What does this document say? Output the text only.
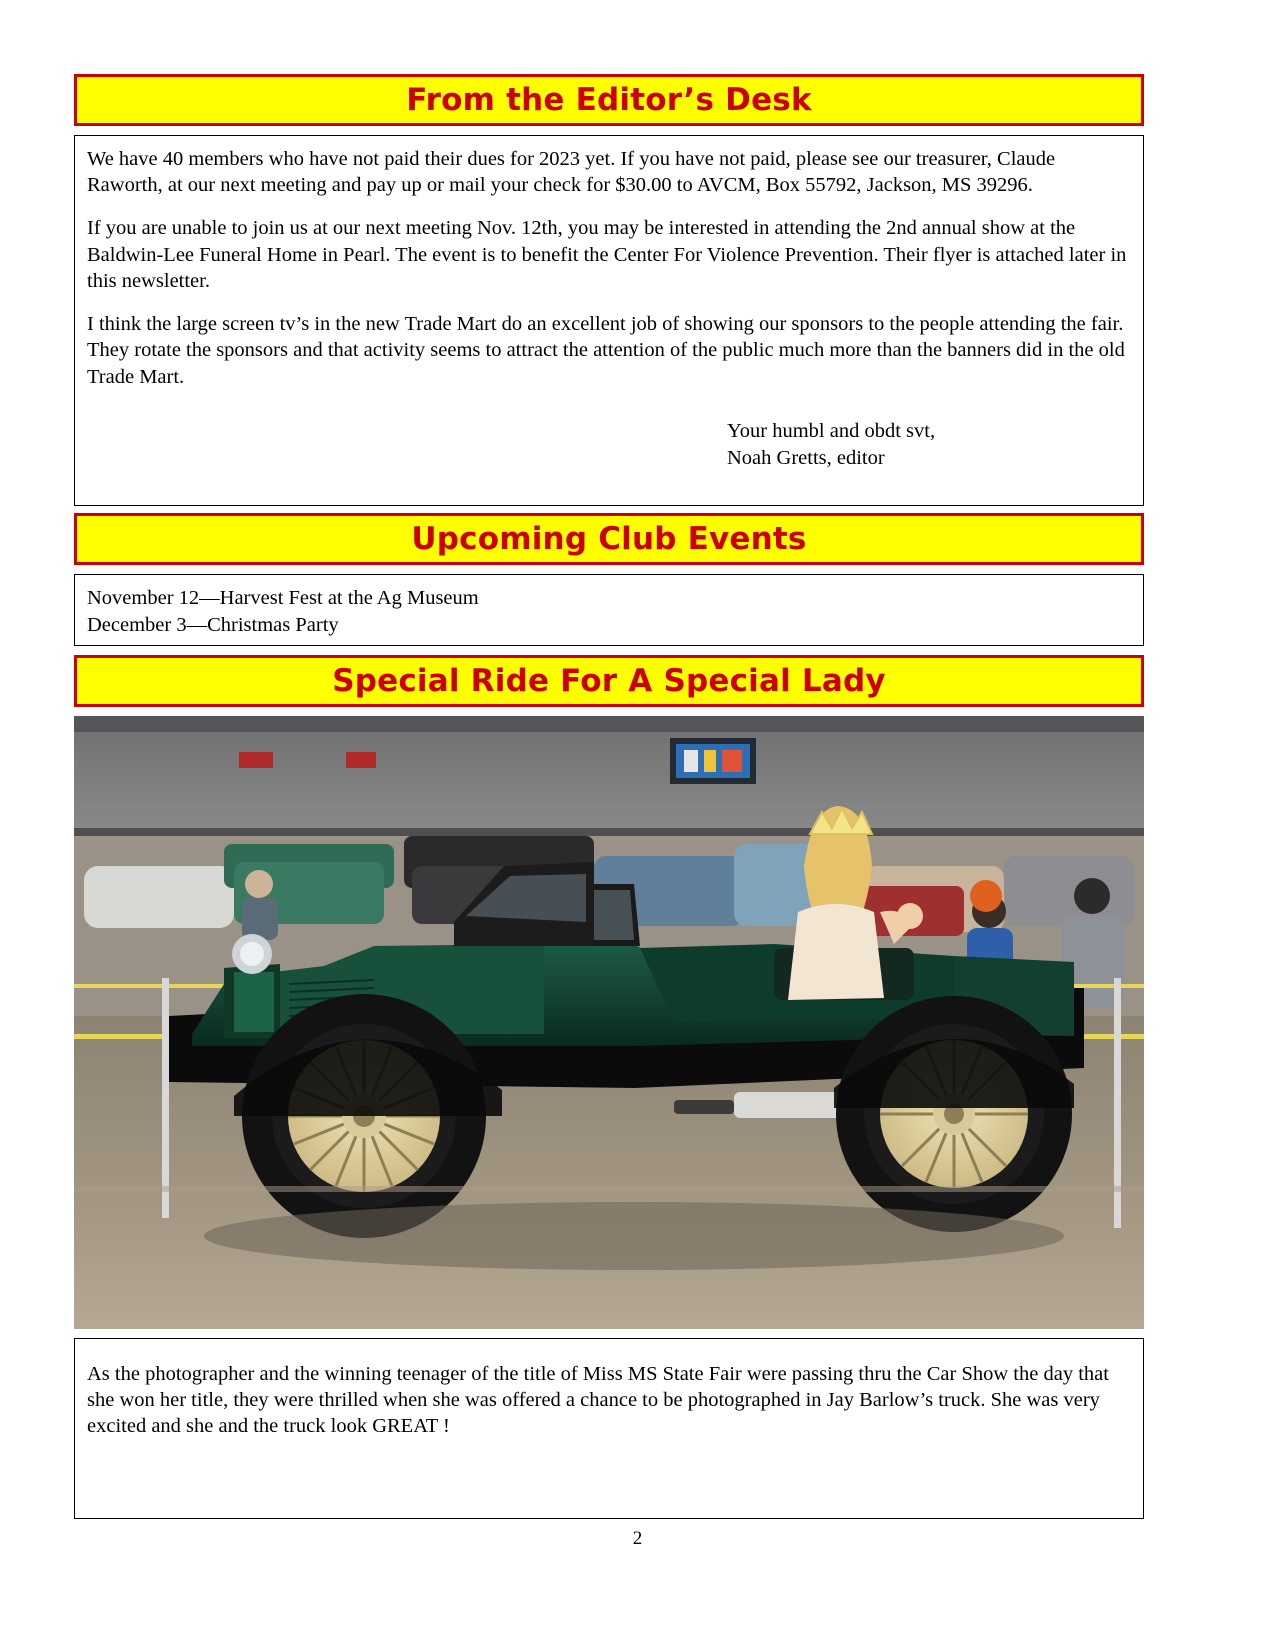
From the Editor’s Desk

We have 40 members who have not paid their dues for 2023 yet. If you have not paid, please see our treasurer, Claude Raworth, at our next meeting and pay up or mail your check for $30.00 to AVCM, Box 55792, Jackson, MS 39296.

If you are unable to join us at our next meeting Nov. 12th, you may be interested in attending the 2nd annual show at the Baldwin-Lee Funeral Home in Pearl. The event is to benefit the Center For Violence Prevention. Their flyer is attached later in this newsletter.

I think the large screen tv’s in the new Trade Mart do an excellent job of showing our sponsors to the people attending the fair. They rotate the sponsors and that activity seems to attract the attention of the public much more than the banners did in the old Trade Mart.

Your humbl and obdt svt,
Noah Gretts, editor
Upcoming Club Events

November 12—Harvest Fest at the Ag Museum

December 3—Christmas Party

Special Ride For A Special Lady

As the photographer and the winning teenager of the title of Miss MS State Fair were passing thru the Car Show the day that she won her title, they were thrilled when she was offered a chance to be photographed in Jay Barlow’s truck. She was very excited and she and the truck look GREAT !

2
